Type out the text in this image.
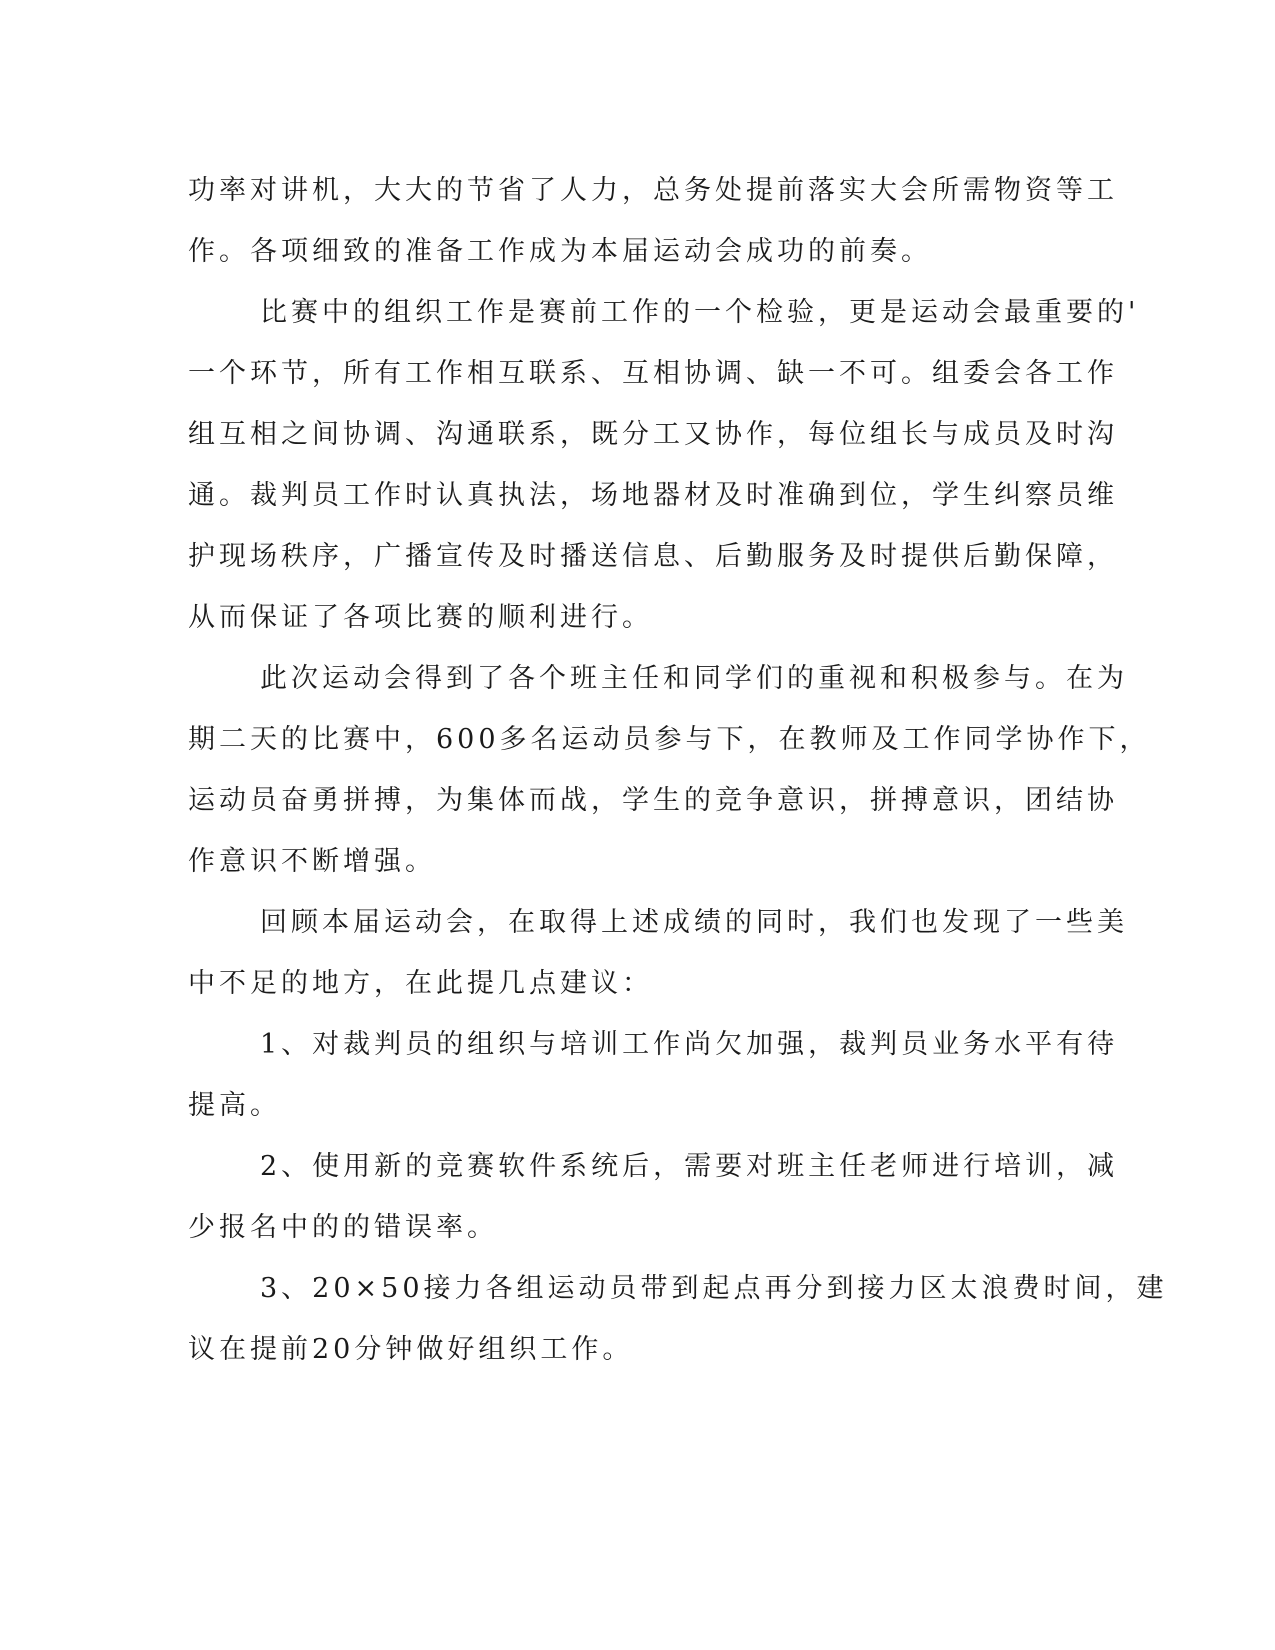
功率对讲机，大大的节省了人力，总务处提前落实大会所需物资等工
作。各项细致的准备工作成为本届运动会成功的前奏。
比赛中的组织工作是赛前工作的一个检验，更是运动会最重要的'
一个环节，所有工作相互联系、互相协调、缺一不可。组委会各工作
组互相之间协调、沟通联系，既分工又协作，每位组长与成员及时沟
通。裁判员工作时认真执法，场地器材及时准确到位，学生纠察员维
护现场秩序，广播宣传及时播送信息、后勤服务及时提供后勤保障，
从而保证了各项比赛的顺利进行。
此次运动会得到了各个班主任和同学们的重视和积极参与。在为
期二天的比赛中，600多名运动员参与下，在教师及工作同学协作下，
运动员奋勇拼搏，为集体而战，学生的竞争意识，拼搏意识，团结协
作意识不断增强。
回顾本届运动会，在取得上述成绩的同时，我们也发现了一些美
中不足的地方，在此提几点建议：
1、对裁判员的组织与培训工作尚欠加强，裁判员业务水平有待
提高。
2、使用新的竞赛软件系统后，需要对班主任老师进行培训，减
少报名中的的错误率。
3、20×50接力各组运动员带到起点再分到接力区太浪费时间，建
议在提前20分钟做好组织工作。
